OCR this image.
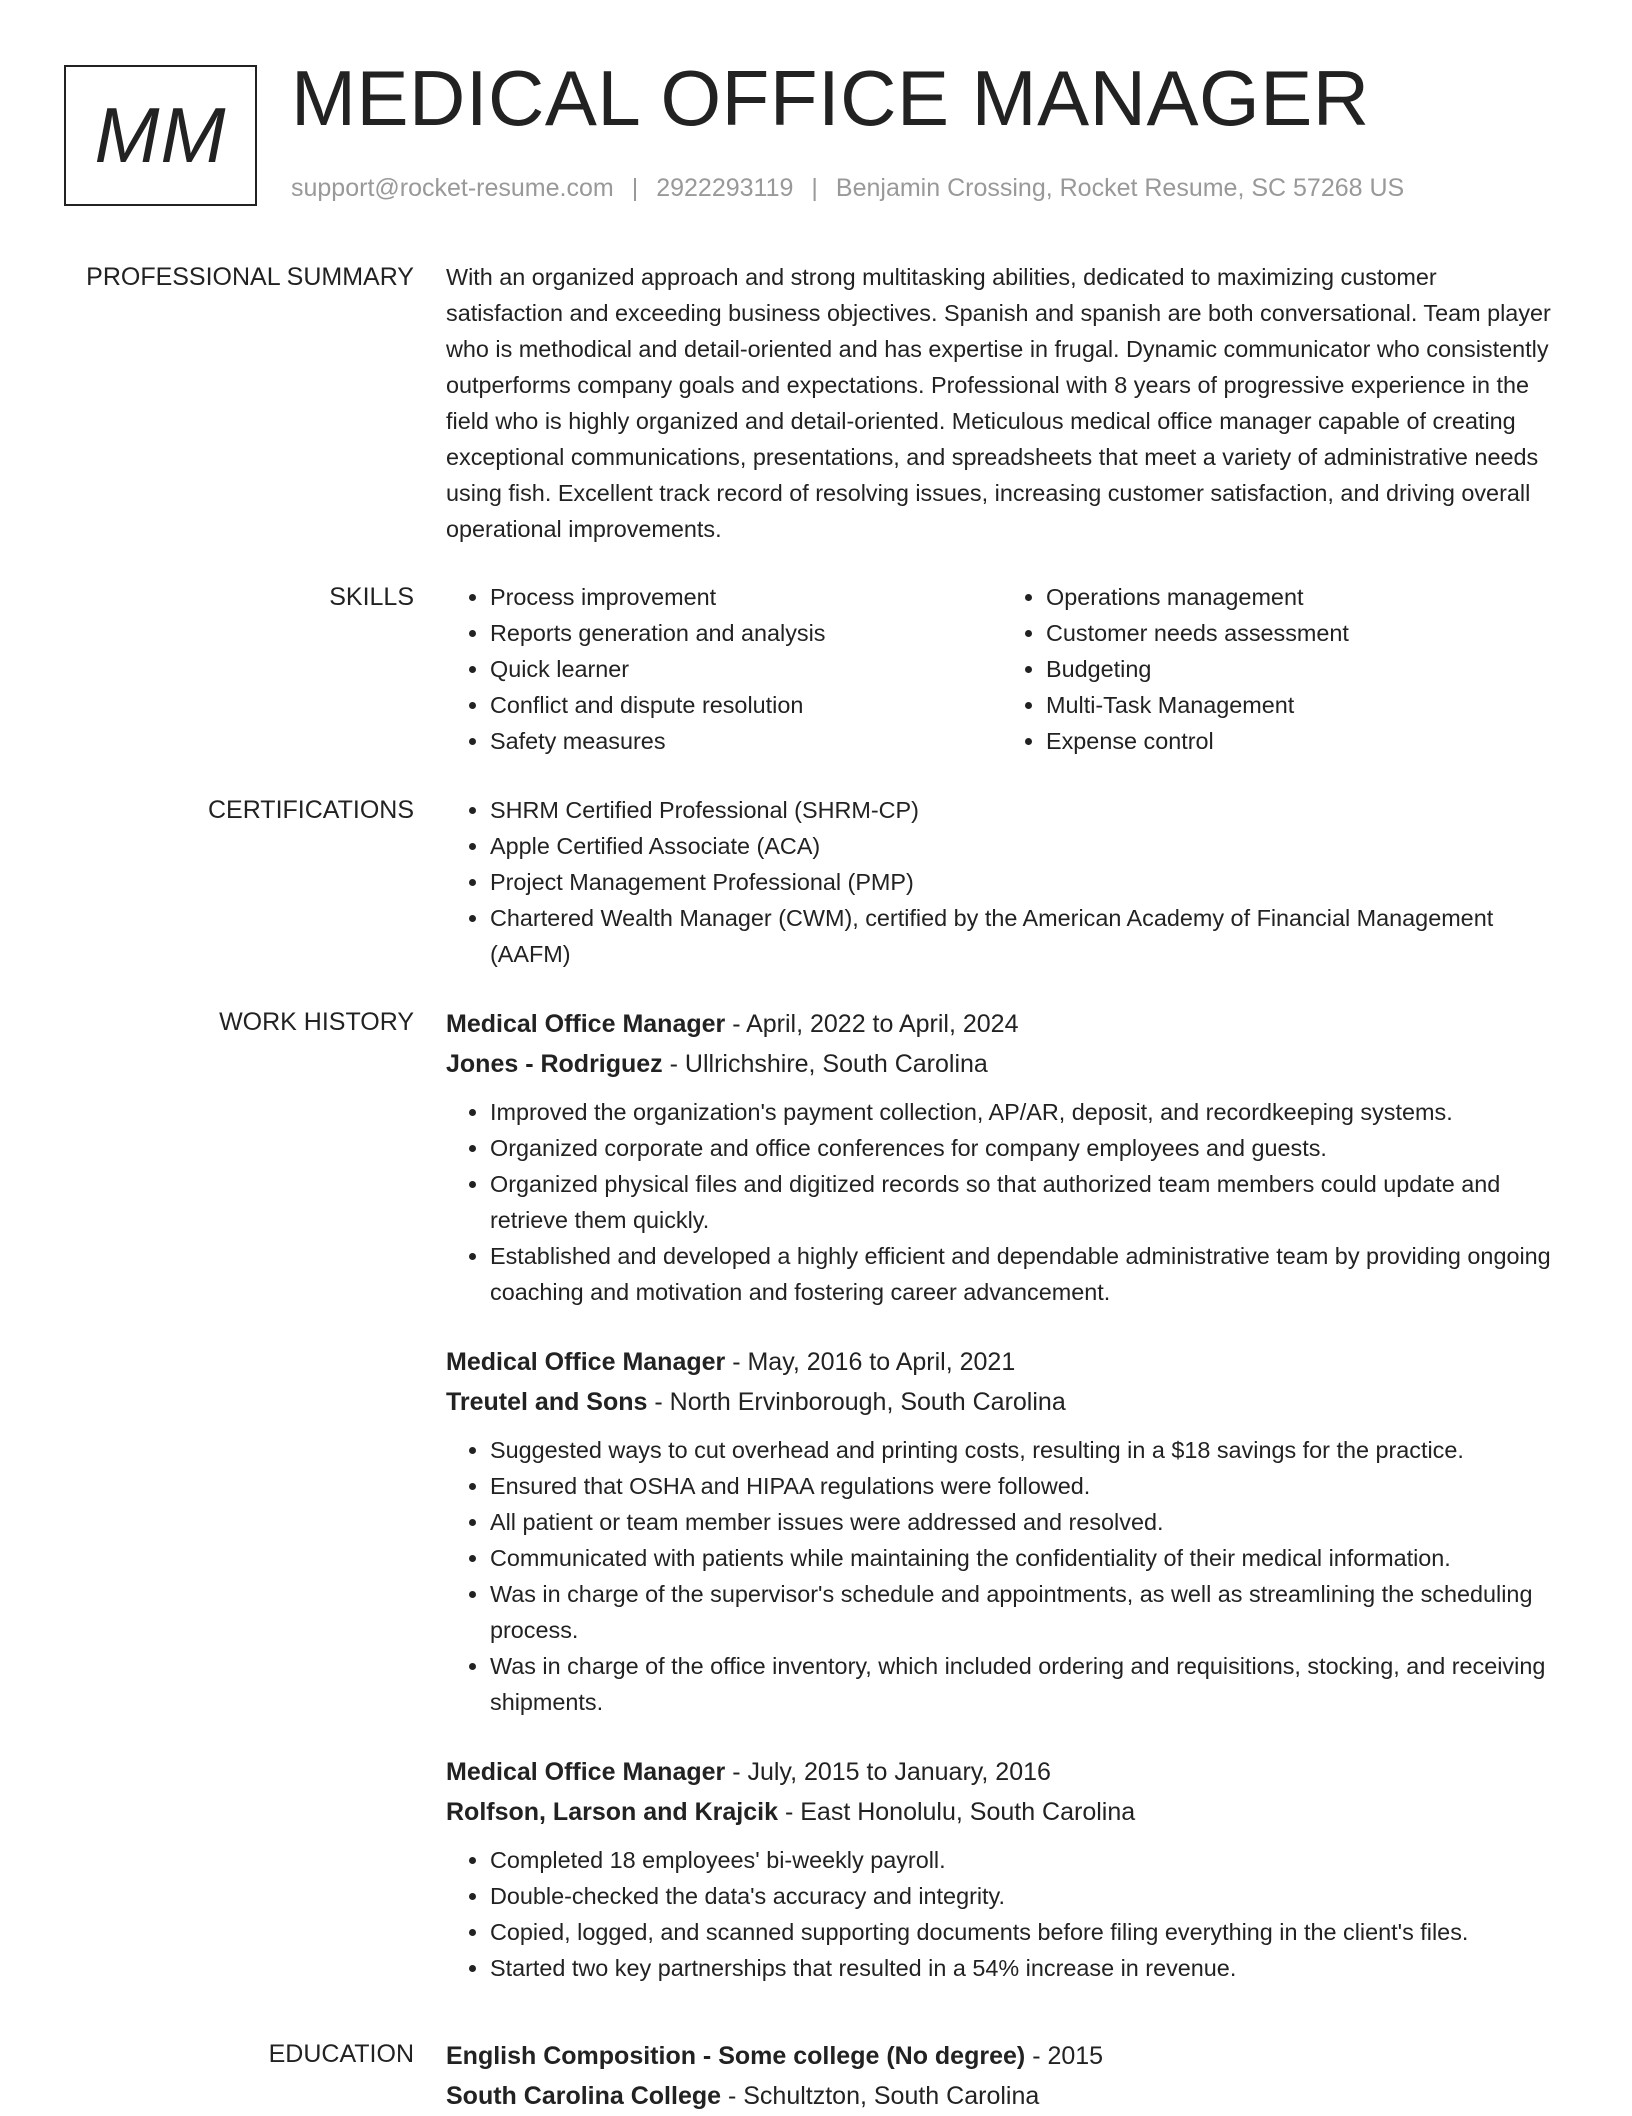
MM MEDICAL OFFICE MANAGER
support@rocket-resume.com | 2922293119 | Benjamin Crossing, Rocket Resume, SC 57268 US
PROFESSIONAL SUMMARY With an organized approach and strong multitasking abilities, dedicated to maximizing customer satisfaction and exceeding business objectives. Spanish and spanish are both conversational. Team player who is methodical and detail-oriented and has expertise in frugal. Dynamic communicator who consistently outperforms company goals and expectations. Professional with 8 years of progressive experience in the field who is highly organized and detail-oriented. Meticulous medical office manager capable of creating exceptional communications, presentations, and spreadsheets that meet a variety of administrative needs using fish. Excellent track record of resolving issues, increasing customer satisfaction, and driving overall operational improvements.
SKILLS	• Process improvement
• Reports generation and analysis
• Quick learner
• Conflict and dispute resolution
• Safety measures
• Operations management
• Customer needs assessment
• Budgeting
• Multi-Task Management
• Expense control
CERTIFICATIONS	• SHRM Certified Professional (SHRM-CP)
• Apple Certified Associate (ACA)
• Project Management Professional (PMP)
• Chartered Wealth Manager (CWM), certified by the American Academy of Financial Management (AAFM)
WORK HISTORY Medical Office Manager - April, 2022 to April, 2024
Jones - Rodriguez - Ullrichshire, South Carolina
• Improved the organization's payment collection, AP/AR, deposit, and recordkeeping systems.
• Organized corporate and office conferences for company employees and guests.
• Organized physical files and digitized records so that authorized team members could update and retrieve them quickly.
• Established and developed a highly efficient and dependable administrative team by providing ongoing coaching and motivation and fostering career advancement.
Medical Office Manager - May, 2016 to April, 2021
Treutel and Sons - North Ervinborough, South Carolina
• Suggested ways to cut overhead and printing costs, resulting in a $18 savings for the practice.
• Ensured that OSHA and HIPAA regulations were followed.
• All patient or team member issues were addressed and resolved.
• Communicated with patients while maintaining the confidentiality of their medical information.
• Was in charge of the supervisor's schedule and appointments, as well as streamlining the scheduling process.
• Was in charge of the office inventory, which included ordering and requisitions, stocking, and receiving shipments.
Medical Office Manager - July, 2015 to January, 2016
Rolfson, Larson and Krajcik - East Honolulu, South Carolina
• Completed 18 employees' bi-weekly payroll.
• Double-checked the data's accuracy and integrity.
• Copied, logged, and scanned supporting documents before filing everything in the client's files.
• Started two key partnerships that resulted in a 54% increase in revenue.
EDUCATION English Composition - Some college (No degree) - 2015
South Carolina College - Schultzton, South Carolina
